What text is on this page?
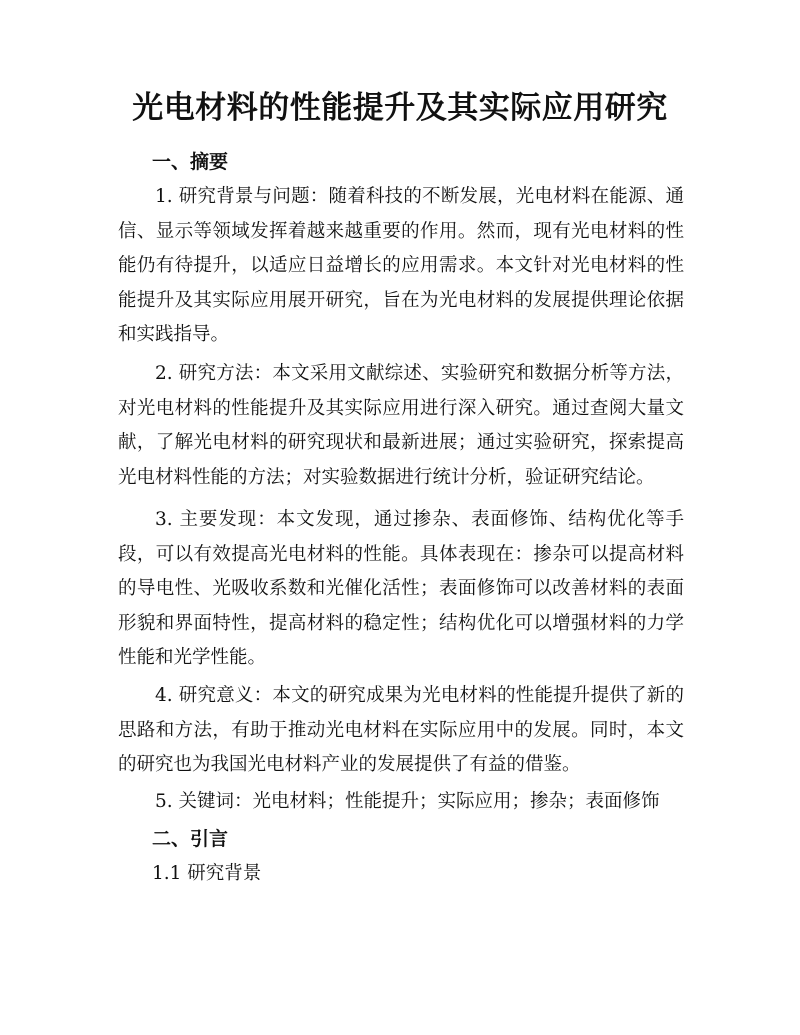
光电材料的性能提升及其实际应用研究
一、摘要

1. 研究背景与问题：随着科技的不断发展，光电材料在能源、通信、显示等领域发挥着越来越重要的作用。然而，现有光电材料的性能仍有待提升，以适应日益增长的应用需求。本文针对光电材料的性能提升及其实际应用展开研究，旨在为光电材料的发展提供理论依据和实践指导。

2. 研究方法：本文采用文献综述、实验研究和数据分析等方法，对光电材料的性能提升及其实际应用进行深入研究。通过查阅大量文献，了解光电材料的研究现状和最新进展；通过实验研究，探索提高光电材料性能的方法；对实验数据进行统计分析，验证研究结论。

3. 主要发现：本文发现，通过掺杂、表面修饰、结构优化等手段，可以有效提高光电材料的性能。具体表现在：掺杂可以提高材料的导电性、光吸收系数和光催化活性；表面修饰可以改善材料的表面形貌和界面特性，提高材料的稳定性；结构优化可以增强材料的力学性能和光学性能。

4. 研究意义：本文的研究成果为光电材料的性能提升提供了新的思路和方法，有助于推动光电材料在实际应用中的发展。同时，本文的研究也为我国光电材料产业的发展提供了有益的借鉴。

5. 关键词：光电材料；性能提升；实际应用；掺杂；表面修饰

二、引言

1.1 研究背景
